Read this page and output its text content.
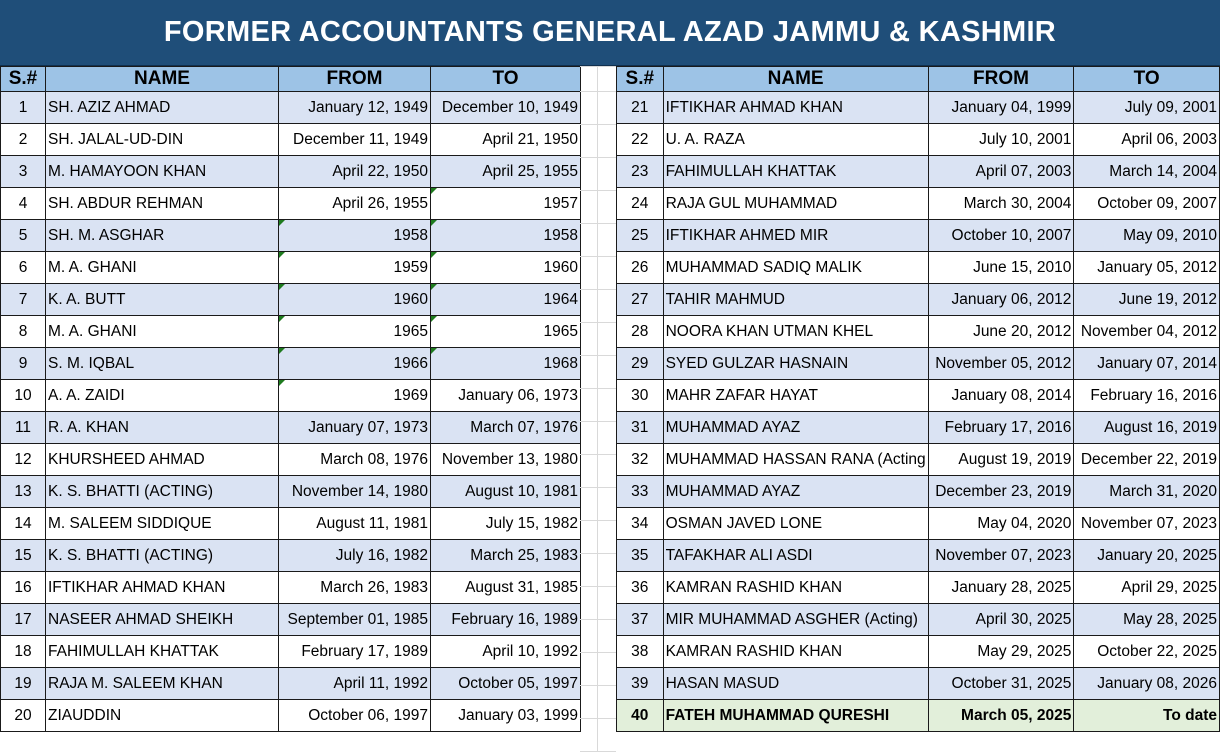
FORMER ACCOUNTANTS GENERAL AZAD JAMMU & KASHMIR
S.#	NAME	FROM	TO
1	SH. AZIZ AHMAD	January 12, 1949	December 10, 1949
2	SH. JALAL-UD-DIN	December 11, 1949	April 21, 1950
3	M. HAMAYOON KHAN	April 22, 1950	April 25, 1955
4	SH. ABDUR REHMAN	April 26, 1955	1957
5	SH. M. ASGHAR	1958	1958
6	M. A. GHANI	1959	1960
7	K. A. BUTT	1960	1964
8	M. A. GHANI	1965	1965
9	S. M. IQBAL	1966	1968
10	A. A. ZAIDI	1969	January 06, 1973
11	R. A. KHAN	January 07, 1973	March 07, 1976
12	KHURSHEED AHMAD	March 08, 1976	November 13, 1980
13	K. S. BHATTI (ACTING)	November 14, 1980	August 10, 1981
14	M. SALEEM SIDDIQUE	August 11, 1981	July 15, 1982
15	K. S. BHATTI (ACTING)	July 16, 1982	March 25, 1983
16	IFTIKHAR AHMAD KHAN	March 26, 1983	August 31, 1985
17	NASEER AHMAD SHEIKH	September 01, 1985	February 16, 1989
18	FAHIMULLAH KHATTAK	February 17, 1989	April 10, 1992
19	RAJA M. SALEEM KHAN	April 11, 1992	October 05, 1997
20	ZIAUDDIN	October 06, 1997	January 03, 1999
S.#	NAME	FROM	TO
21	IFTIKHAR AHMAD KHAN	January 04, 1999	July 09, 2001
22	U. A. RAZA	July 10, 2001	April 06, 2003
23	FAHIMULLAH KHATTAK	April 07, 2003	March 14, 2004
24	RAJA GUL MUHAMMAD	March 30, 2004	October 09, 2007
25	IFTIKHAR AHMED MIR	October 10, 2007	May 09, 2010
26	MUHAMMAD SADIQ MALIK	June 15, 2010	January 05, 2012
27	TAHIR MAHMUD	January 06, 2012	June 19, 2012
28	NOORA KHAN UTMAN KHEL	June 20, 2012	November 04, 2012
29	SYED GULZAR HASNAIN	November 05, 2012	January 07, 2014
30	MAHR ZAFAR HAYAT	January 08, 2014	February 16, 2016
31	MUHAMMAD AYAZ	February 17, 2016	August 16, 2019
32	MUHAMMAD HASSAN RANA (Acting	August 19, 2019	December 22, 2019
33	MUHAMMAD AYAZ	December 23, 2019	March 31, 2020
34	OSMAN JAVED LONE	May 04, 2020	November 07, 2023
35	TAFAKHAR ALI ASDI	November 07, 2023	January 20, 2025
36	KAMRAN RASHID KHAN	January 28, 2025	April 29, 2025
37	MIR MUHAMMAD ASGHER (Acting)	April 30, 2025	May 28, 2025
38	KAMRAN RASHID KHAN	May 29, 2025	October 22, 2025
39	HASAN MASUD	October 31, 2025	January 08, 2026
40	FATEH MUHAMMAD QURESHI	March 05, 2025	To date
